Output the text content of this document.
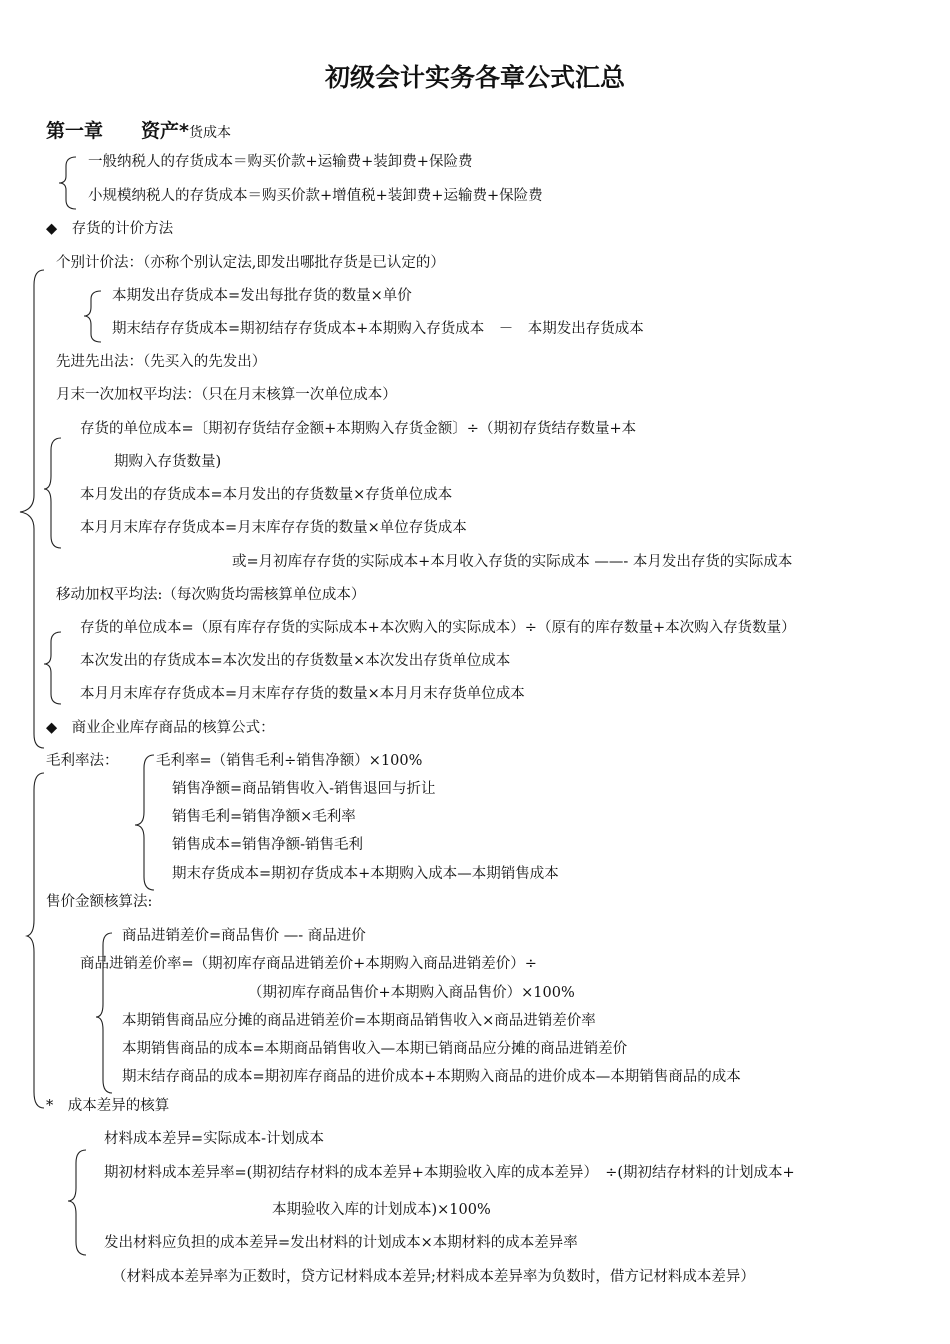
初级会计实务各章公式汇总
第一章 资产*货成本
一般纳税人的存货成本＝购买价款+运输费+装卸费+保险费
小规模纳税人的存货成本＝购买价款+增值税+装卸费+运输费+保险费
◆　存货的计价方法
个别计价法：（亦称个别认定法,即发出哪批存货是已认定的）
本期发出存货成本=发出每批存货的数量×单价
期末结存存货成本=期初结存存货成本+本期购入存货成本　－　本期发出存货成本
先进先出法：（先买入的先发出）
月末一次加权平均法：（只在月末核算一次单位成本）
存货的单位成本=〔期初存货结存金额+本期购入存货金额〕÷（期初存货结存数量+本
期购入存货数量)
本月发出的存货成本=本月发出的存货数量×存货单位成本
本月月末库存存货成本=月末库存存货的数量×单位存货成本
或=月初库存存货的实际成本+本月收入存货的实际成本 ——- 本月发出存货的实际成本
移动加权平均法:（每次购货均需核算单位成本）
存货的单位成本=（原有库存存货的实际成本+本次购入的实际成本）÷（原有的库存数量+本次购入存货数量）
本次发出的存货成本=本次发出的存货数量×本次发出存货单位成本
本月月末库存存货成本=月末库存存货的数量×本月月末存货单位成本
◆　商业企业库存商品的核算公式：
毛利率法：	毛利率=（销售毛利÷销售净额）×100%
销售净额=商品销售收入-销售退回与折让
销售毛利=销售净额×毛利率
销售成本=销售净额-销售毛利
期末存货成本=期初存货成本+本期购入成本—本期销售成本
售价金额核算法:
商品进销差价=商品售价 —- 商品进价
商品进销差价率=（期初库存商品进销差价+本期购入商品进销差价）÷
（期初库存商品售价+本期购入商品售价）×100%
本期销售商品应分摊的商品进销差价=本期商品销售收入×商品进销差价率
本期销售商品的成本=本期商品销售收入—本期已销商品应分摊的商品进销差价
期末结存商品的成本=期初库存商品的进价成本+本期购入商品的进价成本—本期销售商品的成本
*　成本差异的核算
材料成本差异=实际成本-计划成本
期初材料成本差异率=(期初结存材料的成本差异+本期验收入库的成本差异）　÷(期初结存材料的计划成本+
本期验收入库的计划成本)×100%
发出材料应负担的成本差异=发出材料的计划成本×本期材料的成本差异率
（材料成本差异率为正数时，贷方记材料成本差异;材料成本差异率为负数时，借方记材料成本差异）
